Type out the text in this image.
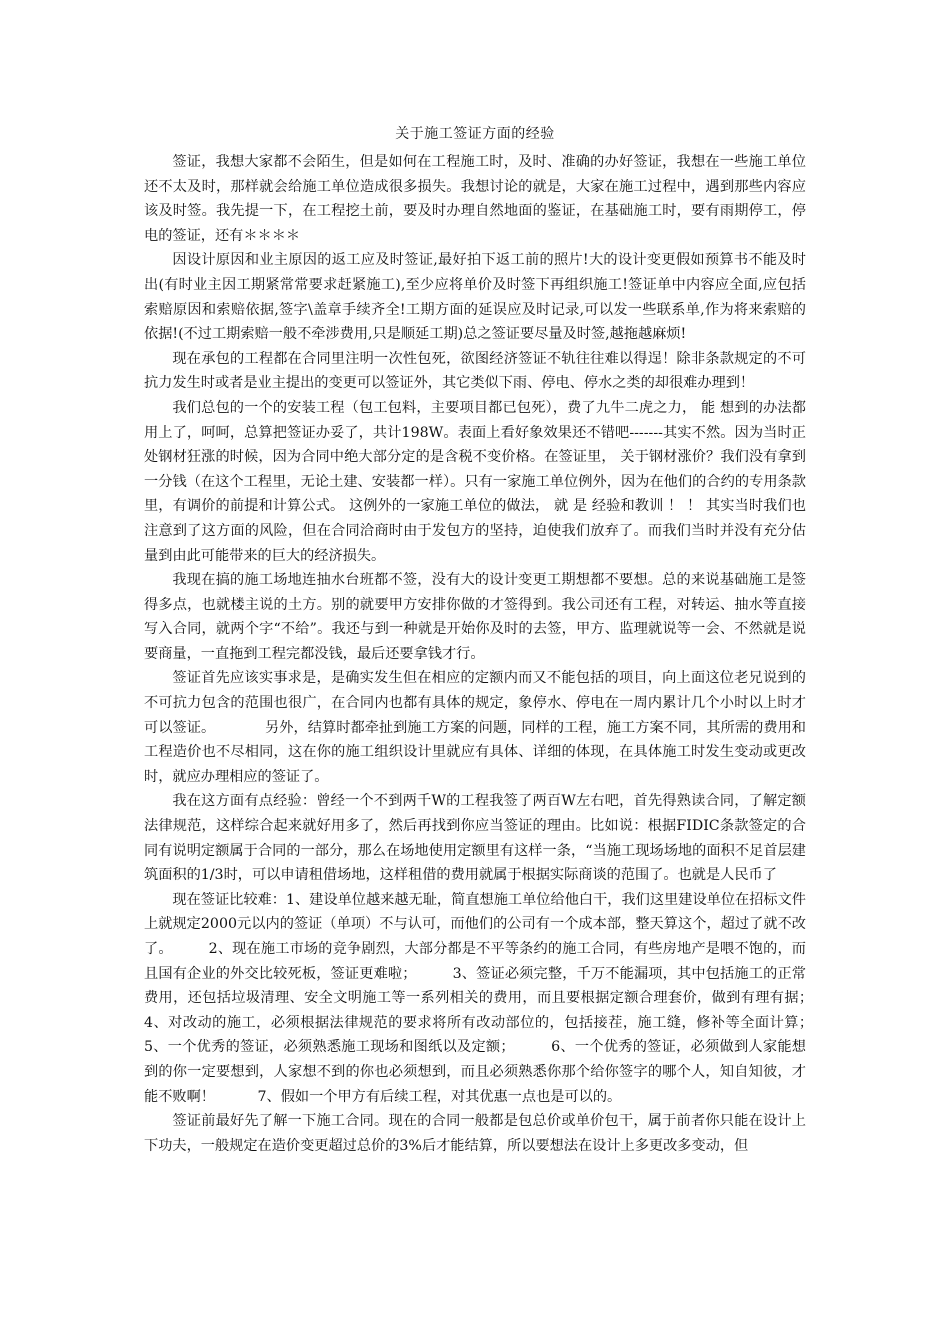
关于施工签证方面的经验

签证，我想大家都不会陌生，但是如何在工程施工时，及时、准确的办好签证，我想在一些施工单位还不太及时，那样就会给施工单位造成很多损失。我想讨论的就是，大家在施工过程中，遇到那些内容应该及时签。我先提一下，在工程挖土前，要及时办理自然地面的鉴证，在基础施工时，要有雨期停工，停电的签证，还有＊＊＊＊

因设计原因和业主原因的返工应及时签证,最好拍下返工前的照片!大的设计变更假如预算书不能及时出(有时业主因工期紧常常要求赶紧施工),至少应将单价及时签下再组织施工!签证单中内容应全面,应包括索赔原因和索赔依据,签字\盖章手续齐全!工期方面的延误应及时记录,可以发一些联系单,作为将来索赔的依据!(不过工期索赔一般不牵涉费用,只是顺延工期)总之签证要尽量及时签,越拖越麻烦!

现在承包的工程都在合同里注明一次性包死，欲图经济签证不轨往往难以得逞！除非条款规定的不可抗力发生时或者是业主提出的变更可以签证外，其它类似下雨、停电、停水之类的却很难办理到！

我们总包的一个的安装工程（包工包料，主要项目都已包死），费了九牛二虎之力， 能 想到的办法都用上了，呵呵，总算把签证办妥了，共计198W。表面上看好象效果还不错吧-------其实不然。因为当时正处钢材狂涨的时候，因为合同中绝大部分定的是含税不变价格。在签证里， 关于钢材涨价？我们没有拿到一分钱（在这个工程里，无论土建、安装都一样）。只有一家施工单位例外，因为在他们的合约的专用条款里，有调价的前提和计算公式。 这例外的一家施工单位的做法， 就 是 经验和教训 ！ ！ 其实当时我们也注意到了这方面的风险，但在合同洽商时由于发包方的坚持，迫使我们放弃了。而我们当时并没有充分估量到由此可能带来的巨大的经济损失。

我现在搞的施工场地连抽水台班都不签，没有大的设计变更工期想都不要想。总的来说基础施工是签得多点，也就楼主说的土方。别的就要甲方安排你做的才签得到。我公司还有工程，对转运、抽水等直接写入合同，就两个字“不给”。我还与到一种就是开始你及时的去签，甲方、监理就说等一会、不然就是说要商量，一直拖到工程完都没钱，最后还要拿钱才行。

签证首先应该实事求是，是确实发生但在相应的定额内而又不能包括的项目，向上面这位老兄说到的不可抗力包含的范围也很广，在合同内也都有具体的规定，象停水、停电在一周内累计几个小时以上时才可以签证。　　　　另外，结算时都牵扯到施工方案的问题，同样的工程，施工方案不同，其所需的费用和工程造价也不尽相同，这在你的施工组织设计里就应有具体、详细的体现，在具体施工时发生变动或更改时，就应办理相应的签证了。

我在这方面有点经验：曾经一个不到两千W的工程我签了两百W左右吧，首先得熟读合同，了解定额法律规范，这样综合起来就好用多了，然后再找到你应当签证的理由。比如说：根据FIDIC条款签定的合同有说明定额属于合同的一部分，那么在场地使用定额里有这样一条，“当施工现场场地的面积不足首层建筑面积的1/3时，可以申请租借场地，这样租借的费用就属于根据实际商谈的范围了。也就是人民币了

现在签证比较难：1、建设单位越来越无耻，简直想施工单位给他白干，我们这里建设单位在招标文件上就规定2000元以内的签证（单项）不与认可，而他们的公司有一个成本部，整天算这个，超过了就不改了。　　　2、现在施工市场的竞争剧烈，大部分都是不平等条约的施工合同，有些房地产是喂不饱的，而且国有企业的外交比较死板，签证更难啦；　　　3、签证必须完整，千万不能漏项，其中包括施工的正常费用，还包括垃圾清理、安全文明施工等一系列相关的费用，而且要根据定额合理套价，做到有理有据；　　　4、对改动的施工，必须根据法律规范的要求将所有改动部位的，包括接茬，施工缝，修补等全面计算；　　　5、一个优秀的签证，必须熟悉施工现场和图纸以及定额；　　　6、一个优秀的签证，必须做到人家能想到的你一定要想到，人家想不到的你也必须想到，而且必须熟悉你那个给你签字的哪个人，知自知彼，才能不败啊！　　　7、假如一个甲方有后续工程，对其优惠一点也是可以的。

签证前最好先了解一下施工合同。现在的合同一般都是包总价或单价包干，属于前者你只能在设计上下功夫，一般规定在造价变更超过总价的3%后才能结算，所以要想法在设计上多更改多变动，但
